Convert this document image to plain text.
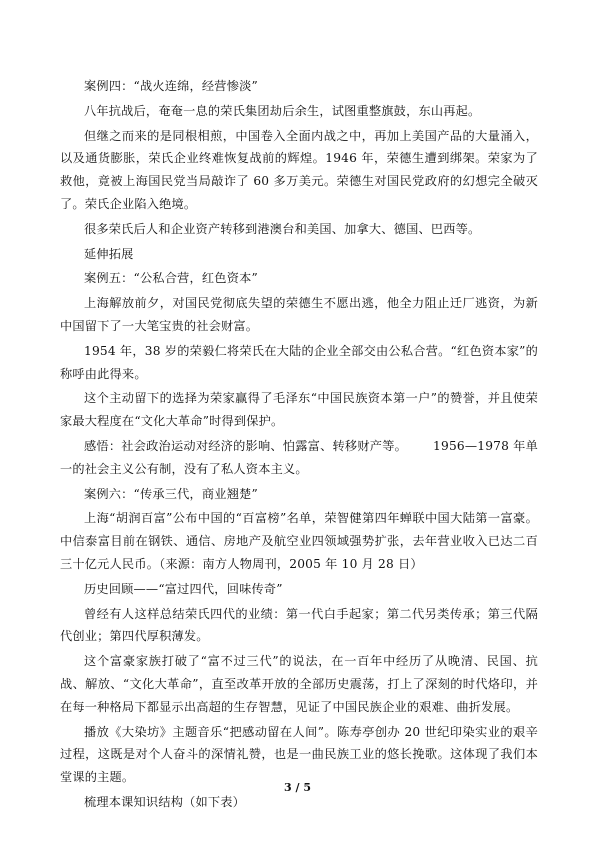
案例四：“战火连绵，经营惨淡”

八年抗战后，奄奄一息的荣氏集团劫后余生，试图重整旗鼓，东山再起。

但继之而来的是同根相煎，中国卷入全面内战之中，再加上美国产品的大量涌入，以及通货膨胀，荣氏企业终难恢复战前的辉煌。1946 年，荣德生遭到绑架。荣家为了救他，竟被上海国民党当局敲诈了 60 多万美元。荣德生对国民党政府的幻想完全破灭了。荣氏企业陷入绝境。

很多荣氏后人和企业资产转移到港澳台和美国、加拿大、德国、巴西等。

延伸拓展

案例五：“公私合营，红色资本”

上海解放前夕，对国民党彻底失望的荣德生不愿出逃，他全力阻止迁厂逃资，为新中国留下了一大笔宝贵的社会财富。

1954 年，38 岁的荣毅仁将荣氏在大陆的企业全部交由公私合营。“红色资本家”的称呼由此得来。

这个主动留下的选择为荣家赢得了毛泽东“中国民族资本第一户”的赞誉，并且使荣家最大程度在“文化大革命”时得到保护。

感悟：社会政治运动对经济的影响、怕露富、转移财产等。 1956—1978 年单一的社会主义公有制，没有了私人资本主义。

案例六：“传承三代，商业翘楚”

上海“胡润百富”公布中国的“百富榜”名单，荣智健第四年蝉联中国大陆第一富豪。中信泰富目前在钢铁、通信、房地产及航空业四领域强势扩张，去年营业收入已达二百三十亿元人民币。（来源：南方人物周刊，2005 年 10 月 28 日）

历史回顾——“富过四代，回味传奇”

曾经有人这样总结荣氏四代的业绩：第一代白手起家；第二代另类传承；第三代隔代创业；第四代厚积薄发。

这个富豪家族打破了“富不过三代”的说法，在一百年中经历了从晚清、民国、抗战、解放、“文化大革命”，直至改革开放的全部历史震荡，打上了深刻的时代烙印，并在每一种格局下都显示出高超的生存智慧，见证了中国民族企业的艰难、曲折发展。

播放《大染坊》主题音乐“把感动留在人间”。陈寿亭创办 20 世纪印染实业的艰辛过程，这既是对个人奋斗的深情礼赞，也是一曲民族工业的悠长挽歌。这体现了我们本堂课的主题。

梳理本课知识结构（如下表）

3 / 5
